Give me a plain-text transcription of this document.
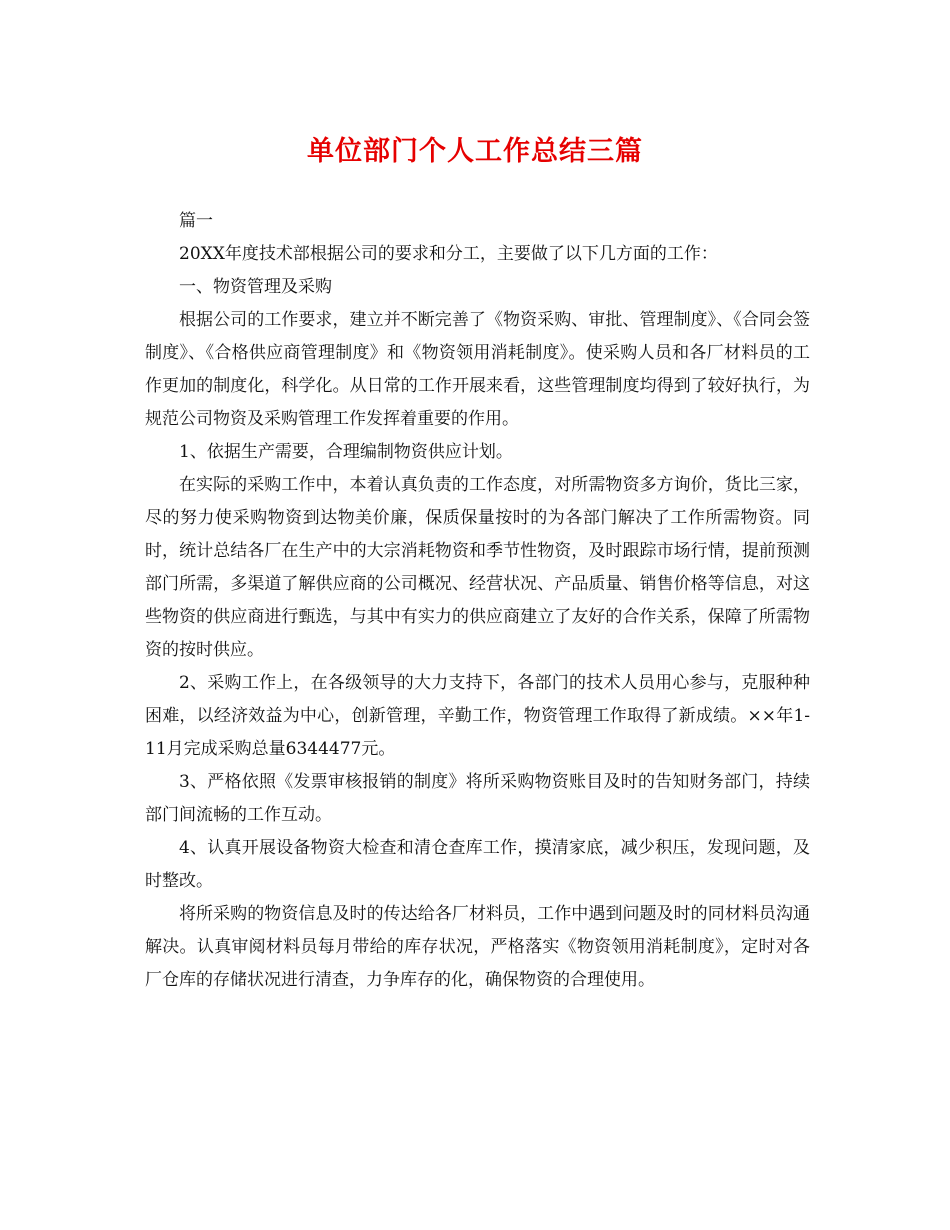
单位部门个人工作总结三篇

篇一

20XX年度技术部根据公司的要求和分工，主要做了以下几方面的工作：

一、物资管理及采购

根据公司的工作要求，建立并不断完善了《物资采购、审批、管理制度》、《合同会签制度》、《合格供应商管理制度》和《物资领用消耗制度》。使采购人员和各厂材料员的工作更加的制度化，科学化。从日常的工作开展来看，这些管理制度均得到了较好执行，为规范公司物资及采购管理工作发挥着重要的作用。

1、依据生产需要，合理编制物资供应计划。

在实际的采购工作中，本着认真负责的工作态度，对所需物资多方询价，货比三家，尽的努力使采购物资到达物美价廉，保质保量按时的为各部门解决了工作所需物资。同时，统计总结各厂在生产中的大宗消耗物资和季节性物资，及时跟踪市场行情，提前预测部门所需，多渠道了解供应商的公司概况、经营状况、产品质量、销售价格等信息，对这些物资的供应商进行甄选，与其中有实力的供应商建立了友好的合作关系，保障了所需物资的按时供应。

2、采购工作上，在各级领导的大力支持下，各部门的技术人员用心参与，克服种种困难，以经济效益为中心，创新管理，辛勤工作，物资管理工作取得了新成绩。××年1-11月完成采购总量6344477元。

3、严格依照《发票审核报销的制度》将所采购物资账目及时的告知财务部门，持续部门间流畅的工作互动。

4、认真开展设备物资大检查和清仓查库工作，摸清家底，减少积压，发现问题，及时整改。

将所采购的物资信息及时的传达给各厂材料员，工作中遇到问题及时的同材料员沟通解决。认真审阅材料员每月带给的库存状况，严格落实《物资领用消耗制度》，定时对各厂仓库的存储状况进行清查，力争库存的化，确保物资的合理使用。
